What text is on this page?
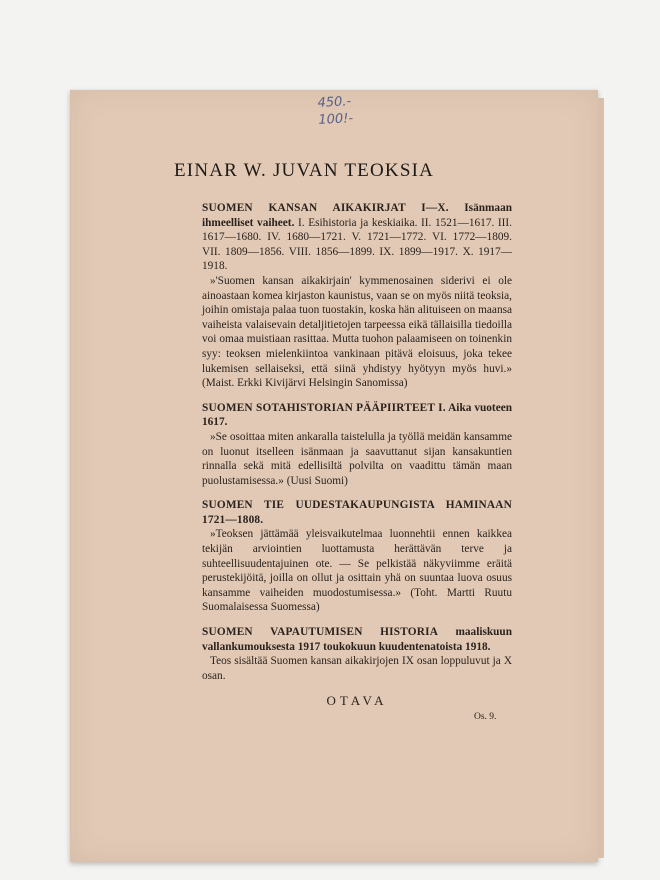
450.-
100!-
EINAR W. JUVAN TEOKSIA

SUOMEN KANSAN AIKAKIRJAT I—X. Isänmaan ihmeelliset vaiheet. I. Esihistoria ja keskiaika. II. 1521—1617. III. 1617—1680. IV. 1680—1721. V. 1721—1772. VI. 1772—1809. VII. 1809—1856. VIII. 1856—1899. IX. 1899—1917. X. 1917—1918.

»'Suomen kansan aikakirjain' kymmenosainen siderivi ei ole ainoastaan komea kirjaston kaunistus, vaan se on myös niitä teoksia, joihin omistaja palaa tuon tuostakin, koska hän alituiseen on maansa vaiheista valaisevain detaljitietojen tarpeessa eikä tällaisilla tiedoilla voi omaa muistiaan rasittaa. Mutta tuohon palaamiseen on toinenkin syy: teoksen mielenkiintoa vankinaan pitävä eloisuus, joka tekee lukemisen sellaiseksi, että siinä yhdistyy hyötyyn myös huvi.» (Maist. Erkki Kivijärvi Helsingin Sanomissa)

SUOMEN SOTAHISTORIAN PÄÄPIIRTEET I. Aika vuoteen 1617.

»Se osoittaa miten ankaralla taistelulla ja työllä meidän kansamme on luonut itselleen isänmaan ja saavuttanut sijan kansakuntien rinnalla sekä mitä edellisiltä polvilta on vaadittu tämän maan puolustamisessa.» (Uusi Suomi)

SUOMEN TIE UUDESTAKAUPUNGISTA HAMINAAN 1721—1808.

»Teoksen jättämää yleisvaikutelmaa luonnehtii ennen kaikkea tekijän arviointien luottamusta herättävän terve ja suhteellisuudentajuinen ote. — Se pelkistää näkyviimme eräitä perustekijöitä, joilla on ollut ja osittain yhä on suuntaa luova osuus kansamme vaiheiden muodostumisessa.» (Toht. Martti Ruutu Suomalaisessa Suomessa)

SUOMEN VAPAUTUMISEN HISTORIA maaliskuun vallankumouksesta 1917 toukokuun kuudentenatoista 1918.

Teos sisältää Suomen kansan aikakirjojen IX osan loppuluvut ja X osan.

OTAVA
Os. 9.
